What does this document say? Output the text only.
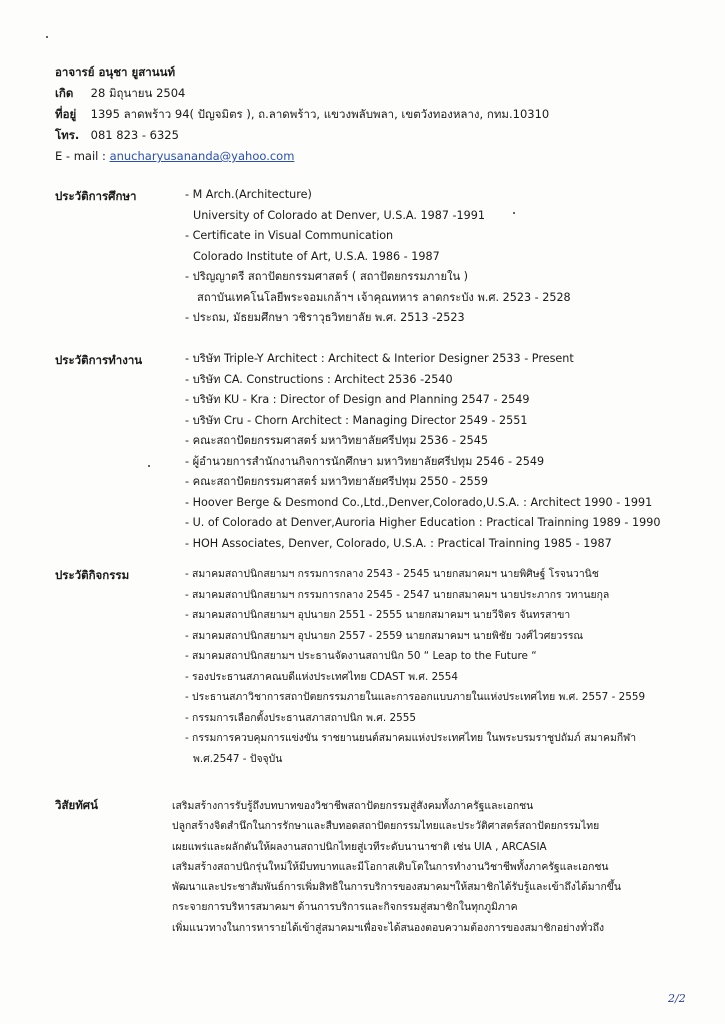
อาจารย์ อนุชา ยูสานนท์
เกิด 28 มิถุนายน 2504
ที่อยู่ 1395 ลาดพร้าว 94( ปัญจมิตร ), ถ.ลาดพร้าว, แขวงพลับพลา, เขตวังทองหลาง, กทม.10310
โทร. 081 823 - 6325
E - mail : anucharyusananda@yahoo.com
ประวัติการศึกษา	- M Arch.(Architecture)
University of Colorado at Denver, U.S.A. 1987 -1991
- Certificate in Visual Communication
Colorado Institute of Art, U.S.A. 1986 - 1987
- ปริญญาตรี สถาปัตยกรรมศาสตร์ ( สถาปัตยกรรมภายใน )
สถาบันเทคโนโลยีพระจอมเกล้าฯ เจ้าคุณทหาร ลาดกระบัง พ.ศ. 2523 - 2528
- ประถม, มัธยมศึกษา วชิราวุธวิทยาลัย พ.ศ. 2513 -2523
ประวัติการทำงาน	- บริษัท Triple-Y Architect : Architect & Interior Designer 2533 - Present
- บริษัท CA. Constructions : Architect 2536 -2540
- บริษัท KU - Kra : Director of Design and Planning 2547 - 2549
- บริษัท Cru - Chorn Architect : Managing Director 2549 - 2551
- คณะสถาปัตยกรรมศาสตร์ มหาวิทยาลัยศรีปทุม 2536 - 2545
- ผู้อำนวยการสำนักงานกิจการนักศึกษา มหาวิทยาลัยศรีปทุม 2546 - 2549
- คณะสถาปัตยกรรมศาสตร์ มหาวิทยาลัยศรีปทุม 2550 - 2559
- Hoover Berge & Desmond Co.,Ltd.,Denver,Colorado,U.S.A. : Architect 1990 - 1991
- U. of Colorado at Denver,Auroria Higher Education : Practical Trainning 1989 - 1990
- HOH Associates, Denver, Colorado, U.S.A. : Practical Trainning 1985 - 1987
ประวัติกิจกรรม	- สมาคมสถาปนิกสยามฯ กรรมการกลาง 2543 - 2545 นายกสมาคมฯ นายพิศิษฐ์ โรจนวานิช
- สมาคมสถาปนิกสยามฯ กรรมการกลาง 2545 - 2547 นายกสมาคมฯ นายประภากร วทานยกุล
- สมาคมสถาปนิกสยามฯ อุปนายก 2551 - 2555 นายกสมาคมฯ นายวีจิตร จันทรสาขา
- สมาคมสถาปนิกสยามฯ อุปนายก 2557 - 2559 นายกสมาคมฯ นายพิชัย วงศ์ไวศยวรรณ
- สมาคมสถาปนิกสยามฯ ประธานจัดงานสถาปนิก 50 “ Leap to the Future “
- รองประธานสภาคณบดีแห่งประเทศไทย CDAST พ.ศ. 2554
- ประธานสภาวิชาการสถาปัตยกรรมภายในและการออกแบบภายในแห่งประเทศไทย พ.ศ. 2557 - 2559
- กรรมการเลือกตั้งประธานสภาสถาปนิก พ.ศ. 2555
- กรรมการควบคุมการแข่งขัน ราชยานยนต์สมาคมแห่งประเทศไทย ในพระบรมราชูปถัมภ์ สมาคมกีฬา
พ.ศ.2547 - ปัจจุบัน
วิสัยทัศน์	เสริมสร้างการรับรู้ถึงบทบาทของวิชาชีพสถาปัตยกรรมสู่สังคมทั้งภาครัฐและเอกชน
ปลูกสร้างจิตสำนึกในการรักษาและสืบทอดสถาปัตยกรรมไทยและประวัติศาสตร์สถาปัตยกรรมไทย
เผยแพร่และผลักดันให้ผลงานสถาปนิกไทยสู่เวทีระดับนานาชาติ เช่น UIA , ARCASIA
เสริมสร้างสถาปนิกรุ่นใหม่ให้มีบทบาทและมีโอกาสเติบโตในการทำงานวิชาชีพทั้งภาครัฐและเอกชน
พัฒนาและประชาสัมพันธ์การเพิ่มสิทธิในการบริการของสมาคมฯให้สมาชิกได้รับรู้และเข้าถึงได้มากขึ้น
กระจายการบริหารสมาคมฯ ด้านการบริการและกิจกรรมสู่สมาชิกในทุกภูมิภาค
เพิ่มแนวทางในการหารายได้เข้าสู่สมาคมฯเพื่อจะได้สนองตอบความต้องการของสมาชิกอย่างทั่วถึง
2/2
